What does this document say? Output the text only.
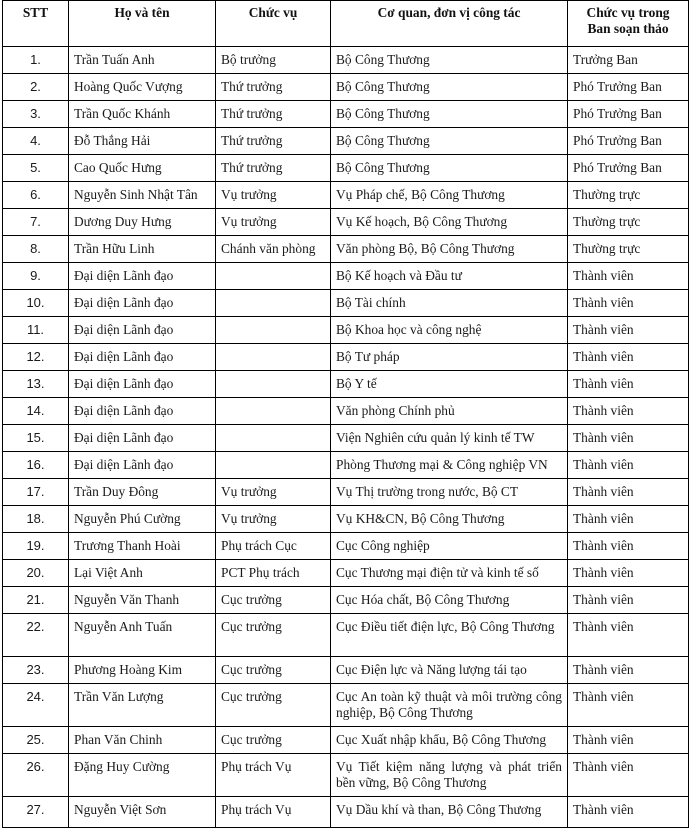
STT	Họ và tên	Chức vụ	Cơ quan, đơn vị công tác	Chức vụ trong Ban soạn thảo
1.	Trần Tuấn Anh	Bộ trưởng	Bộ Công Thương	Trưởng Ban
2.	Hoàng Quốc Vượng	Thứ trưởng	Bộ Công Thương	Phó Trưởng Ban
3.	Trần Quốc Khánh	Thứ trưởng	Bộ Công Thương	Phó Trưởng Ban
4.	Đỗ Thắng Hải	Thứ trưởng	Bộ Công Thương	Phó Trưởng Ban
5.	Cao Quốc Hưng	Thứ trưởng	Bộ Công Thương	Phó Trưởng Ban
6.	Nguyễn Sinh Nhật Tân	Vụ trưởng	Vụ Pháp chế, Bộ Công Thương	Thường trực
7.	Dương Duy Hưng	Vụ trưởng	Vụ Kế hoạch, Bộ Công Thương	Thường trực
8.	Trần Hữu Linh	Chánh văn phòng	Văn phòng Bộ, Bộ Công Thương	Thường trực
9.	Đại diện Lãnh đạo		Bộ Kế hoạch và Đầu tư	Thành viên
10.	Đại diện Lãnh đạo		Bộ Tài chính	Thành viên
11.	Đại diện Lãnh đạo		Bộ Khoa học và công nghệ	Thành viên
12.	Đại diện Lãnh đạo		Bộ Tư pháp	Thành viên
13.	Đại diện Lãnh đạo		Bộ Y tế	Thành viên
14.	Đại diện Lãnh đạo		Văn phòng Chính phủ	Thành viên
15.	Đại diện Lãnh đạo		Viện Nghiên cứu quản lý kinh tế TW	Thành viên
16.	Đại diện Lãnh đạo		Phòng Thương mại & Công nghiệp VN	Thành viên
17.	Trần Duy Đông	Vụ trưởng	Vụ Thị trường trong nước, Bộ CT	Thành viên
18.	Nguyễn Phú Cường	Vụ trưởng	Vụ KH&CN, Bộ Công Thương	Thành viên
19.	Trương Thanh Hoài	Phụ trách Cục	Cục Công nghiệp	Thành viên
20.	Lại Việt Anh	PCT Phụ trách	Cục Thương mại điện tử và kinh tế số	Thành viên
21.	Nguyễn Văn Thanh	Cục trưởng	Cục Hóa chất, Bộ Công Thương	Thành viên
22.	Nguyễn Anh Tuấn	Cục trưởng	Cục Điều tiết điện lực, Bộ Công Thương	Thành viên
23.	Phương Hoàng Kim	Cục trưởng	Cục Điện lực và Năng lượng tái tạo	Thành viên
24.	Trần Văn Lượng	Cục trưởng	Cục An toàn kỹ thuật và môi trường công nghiệp, Bộ Công Thương	Thành viên
25.	Phan Văn Chinh	Cục trưởng	Cục Xuất nhập khẩu, Bộ Công Thương	Thành viên
26.	Đặng Huy Cường	Phụ trách Vụ	Vụ Tiết kiệm năng lượng và phát triển bền vững, Bộ Công Thương	Thành viên
27.	Nguyễn Việt Sơn	Phụ trách Vụ	Vụ Dầu khí và than, Bộ Công Thương	Thành viên
